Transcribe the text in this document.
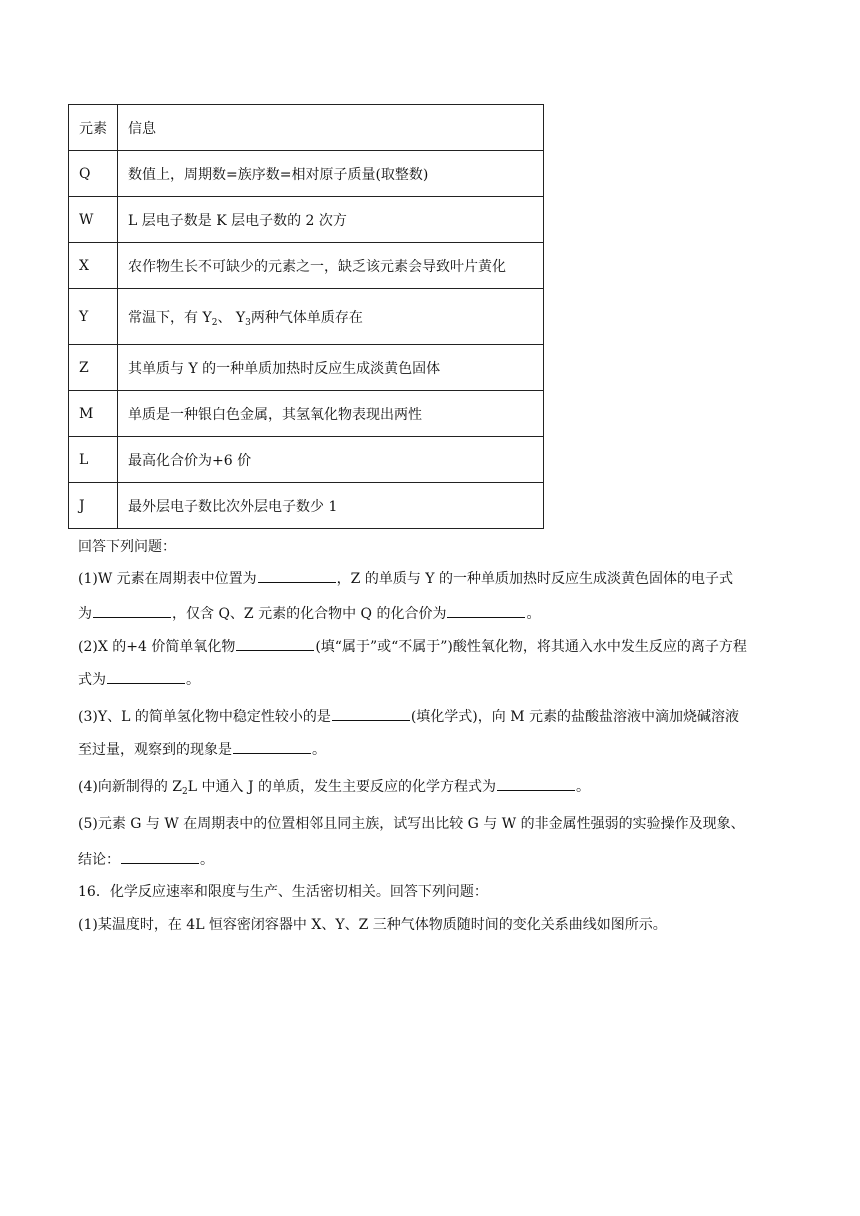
元素	信息
Q	数值上，周期数=族序数=相对原子质量(取整数)
W	L 层电子数是 K 层电子数的 2 次方
X	农作物生长不可缺少的元素之一，缺乏该元素会导致叶片黄化
Y	常温下，有 $Y_2$、 $Y_3$两种气体单质存在
Z	其单质与 Y 的一种单质加热时反应生成淡黄色固体
M	单质是一种银白色金属，其氢氧化物表现出两性
L	最高化合价为+6 价
J	最外层电子数比次外层电子数少 1
回答下列问题：
(1)W 元素在周期表中位置为	，Z 的单质与 Y 的一种单质加热时反应生成淡黄色固体的电子式
为	，仅含 Q、Z 元素的化合物中 Q 的化合价为	。
(2)X 的+4 价简单氧化物	(填“属于”或“不属于”)酸性氧化物，将其通入水中发生反应的离子方程
式为	。
(3)Y、L 的简单氢化物中稳定性较小的是	(填化学式)，向 M 元素的盐酸盐溶液中滴加烧碱溶液
至过量，观察到的现象是	。
(4)向新制得的 $Z_2L$ 中通入 J 的单质，发生主要反应的化学方程式为	。
(5)元素 G 与 W 在周期表中的位置相邻且同主族，试写出比较 G 与 W 的非金属性强弱的实验操作及现象、
结论：	。
16．化学反应速率和限度与生产、生活密切相关。回答下列问题：
(1)某温度时，在 4L 恒容密闭容器中 X、Y、Z 三种气体物质随时间的变化关系曲线如图所示。
